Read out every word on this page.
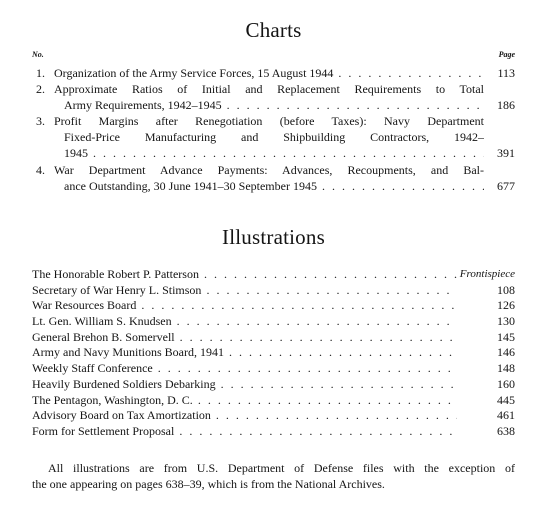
Charts
No.	Page
1. Organization of the Army Service Forces, 15 August 1944 . . .	113
2. Approximate Ratios of Initial and Replacement Requirements to Total
Army Requirements, 1942–1945 . . .	186
3. Profit Margins after Renegotiation (before Taxes): Navy Department
Fixed-Price Manufacturing and Shipbuilding Contractors, 1942–
1945 . . .	391
4. War Department Advance Payments: Advances, Recoupments, and Bal-
ance Outstanding, 30 June 1941–30 September 1945 . . .	677
Illustrations
The Honorable Robert P. Patterson . . .	Frontispiece
Secretary of War Henry L. Stimson . . .	108
War Resources Board . . .	126
Lt. Gen. William S. Knudsen . . .	130
General Brehon B. Somervell . . .	145
Army and Navy Munitions Board, 1941 . . .	146
Weekly Staff Conference . . .	148
Heavily Burdened Soldiers Debarking . . .	160
The Pentagon, Washington, D. C. . . .	445
Advisory Board on Tax Amortization . . .	461
Form for Settlement Proposal . . .	638
All illustrations are from U.S. Department of Defense files with the exception of
the one appearing on pages 638–39, which is from the National Archives.
